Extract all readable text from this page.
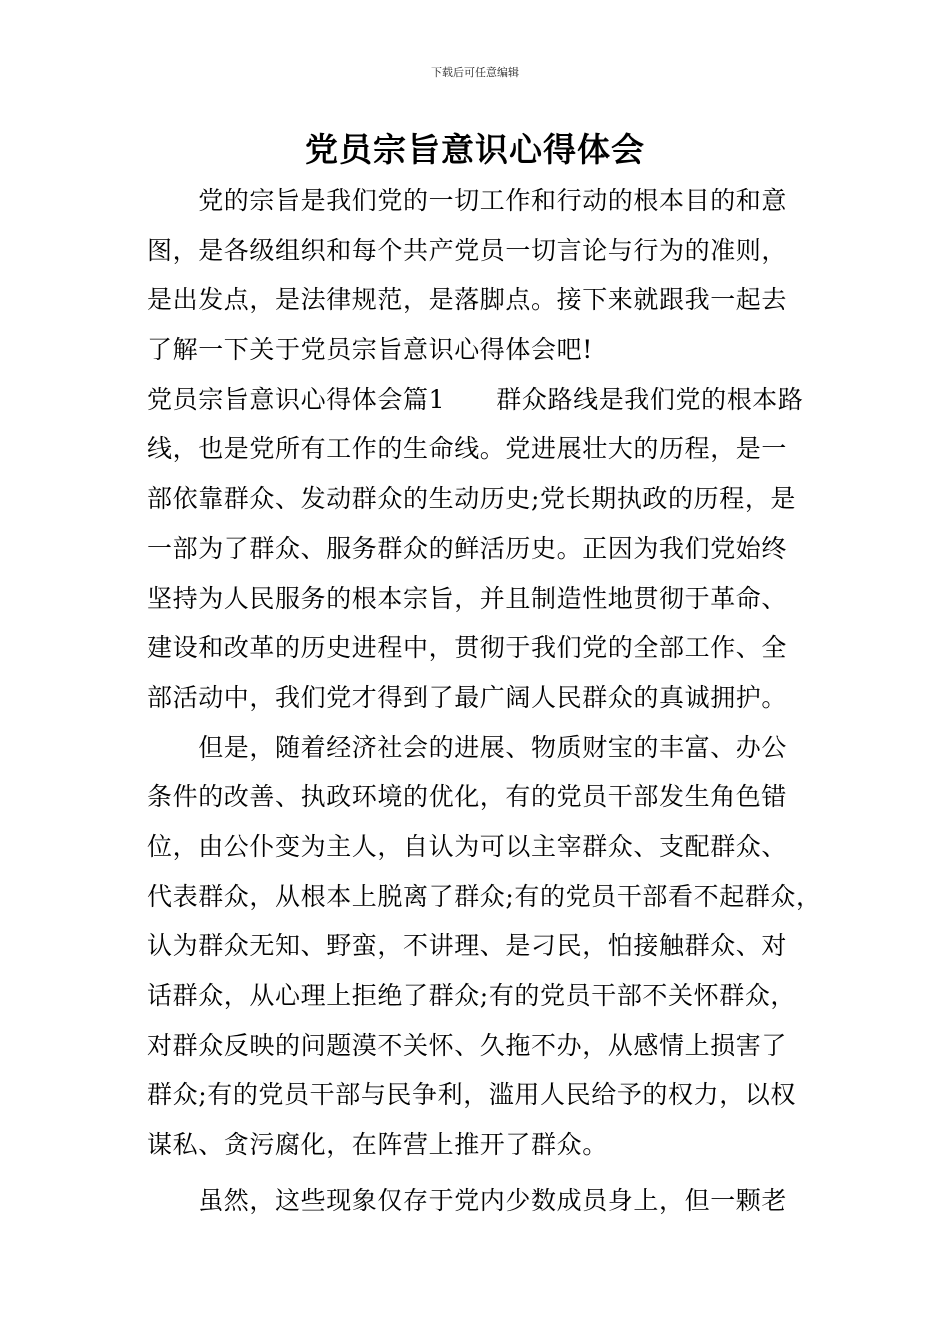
下载后可任意编辑
党员宗旨意识心得体会
　　党的宗旨是我们党的一切工作和行动的根本目的和意
图，是各级组织和每个共产党员一切言论与行为的准则，
是出发点，是法律规范，是落脚点。接下来就跟我一起去
了解一下关于党员宗旨意识心得体会吧!
党员宗旨意识心得体会篇1　　群众路线是我们党的根本路
线，也是党所有工作的生命线。党进展壮大的历程，是一
部依靠群众、发动群众的生动历史;党长期执政的历程，是
一部为了群众、服务群众的鲜活历史。正因为我们党始终
坚持为人民服务的根本宗旨，并且制造性地贯彻于革命、
建设和改革的历史进程中，贯彻于我们党的全部工作、全
部活动中，我们党才得到了最广阔人民群众的真诚拥护。
　　但是，随着经济社会的进展、物质财宝的丰富、办公
条件的改善、执政环境的优化，有的党员干部发生角色错
位，由公仆变为主人，自认为可以主宰群众、支配群众、
代表群众，从根本上脱离了群众;有的党员干部看不起群众，
认为群众无知、野蛮，不讲理、是刁民，怕接触群众、对
话群众，从心理上拒绝了群众;有的党员干部不关怀群众，
对群众反映的问题漠不关怀、久拖不办，从感情上损害了
群众;有的党员干部与民争利，滥用人民给予的权力，以权
谋私、贪污腐化，在阵营上推开了群众。
　　虽然，这些现象仅存于党内少数成员身上，但一颗老
